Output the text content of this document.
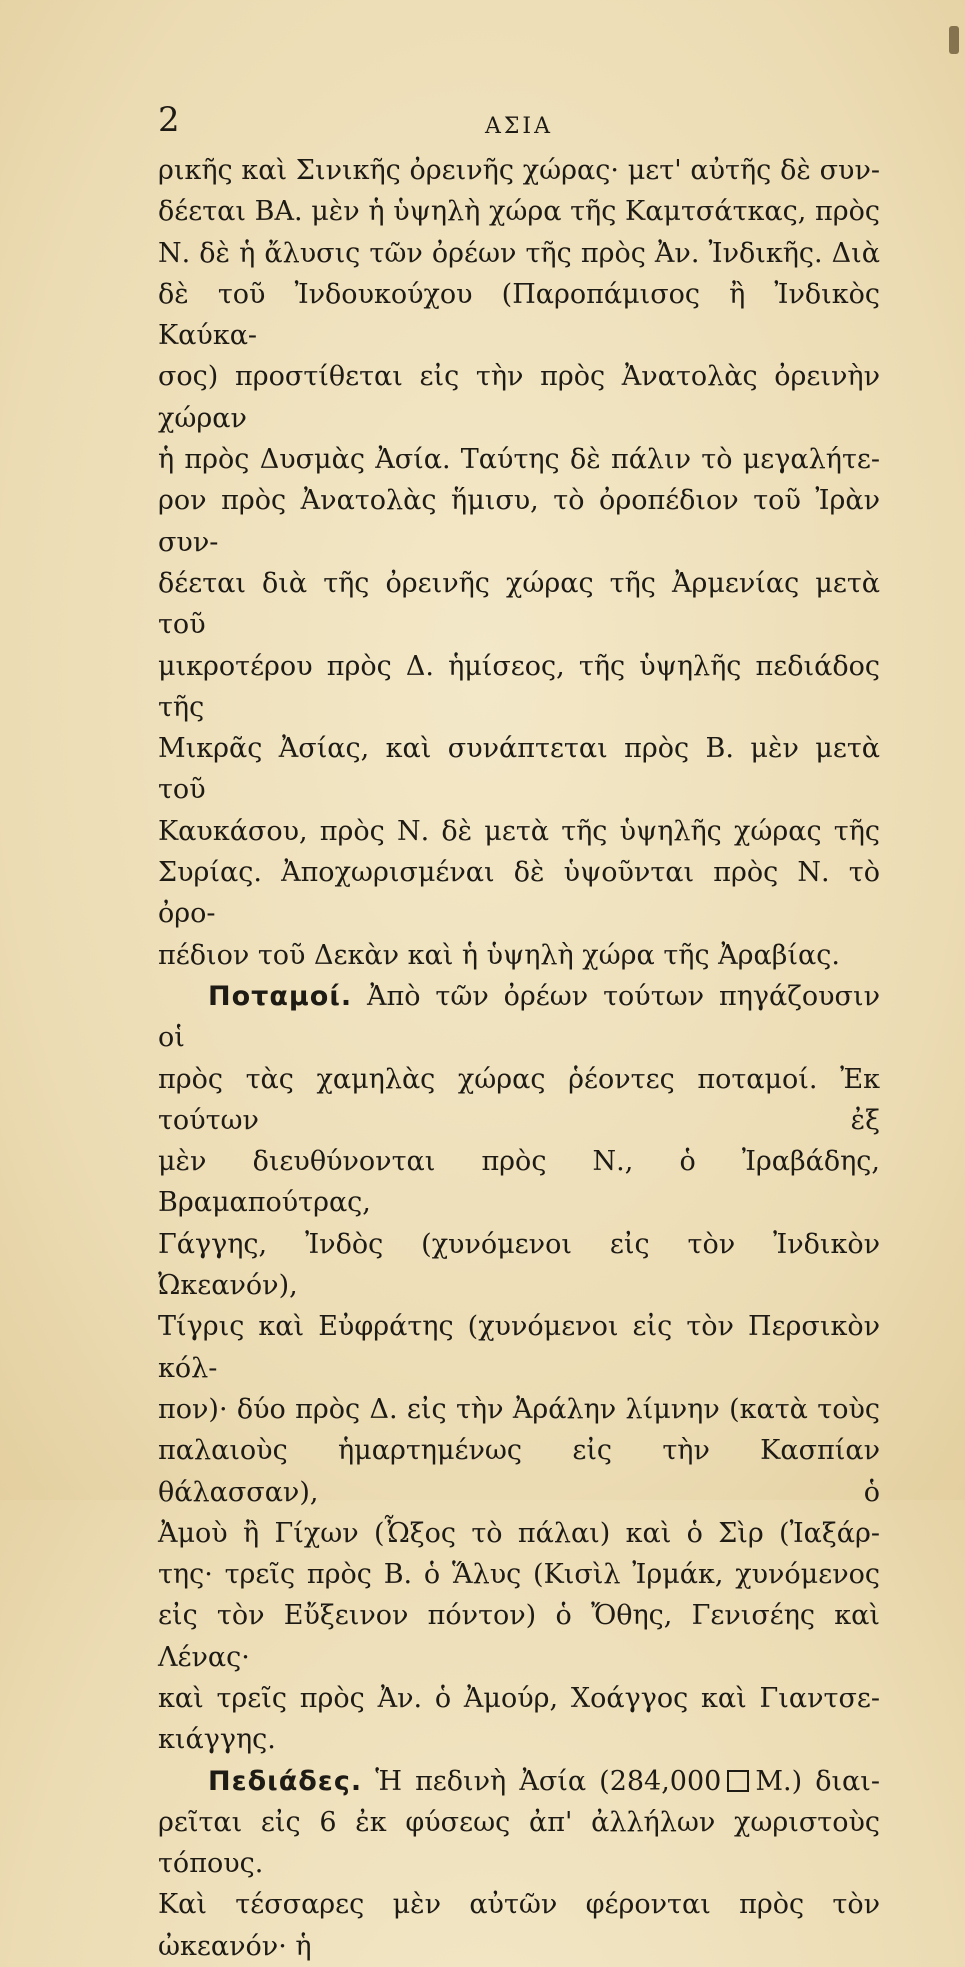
2	ΑΣΙΑ

ρικῆς καὶ Σινικῆς ὀρεινῆς χώρας· μετ' αὐτῆς δὲ συν-

δέεται ΒΑ. μὲν ἡ ὑψηλὴ χώρα τῆς Καμτσάτκας, πρὸς

Ν. δὲ ἡ ἄλυσις τῶν ὀρέων τῆς πρὸς Ἀν. Ἰνδικῆς. Διὰ

δὲ τοῦ Ἰνδουκούχου (Παροπάμισος ἢ Ἰνδικὸς Καύκα-

σος) προστίθεται εἰς τὴν πρὸς Ἀνατολὰς ὀρεινὴν χώραν

ἡ πρὸς Δυσμὰς Ἀσία. Ταύτης δὲ πάλιν τὸ μεγαλήτε-

ρον πρὸς Ἀνατολὰς ἥμισυ, τὸ ὀροπέδιον τοῦ Ἰρὰν συν-

δέεται διὰ τῆς ὀρεινῆς χώρας τῆς Ἀρμενίας μετὰ τοῦ

μικροτέρου πρὸς Δ. ἡμίσεος, τῆς ὑψηλῆς πεδιάδος τῆς

Μικρᾶς Ἀσίας, καὶ συνάπτεται πρὸς Β. μὲν μετὰ τοῦ

Καυκάσου, πρὸς Ν. δὲ μετὰ τῆς ὑψηλῆς χώρας τῆς

Συρίας. Ἀποχωρισμέναι δὲ ὑψοῦνται πρὸς Ν. τὸ ὀρο-

πέδιον τοῦ Δεκὰν καὶ ἡ ὑψηλὴ χώρα τῆς Ἀραβίας.

Ποταμοί. Ἀπὸ τῶν ὀρέων τούτων πηγάζουσιν οἱ

πρὸς τὰς χαμηλὰς χώρας ῥέοντες ποταμοί. Ἐκ τούτων ἐξ

μὲν διευθύνονται πρὸς Ν., ὁ Ἰραβάδης, Βραμαπούτρας,

Γάγγης, Ἰνδὸς (χυνόμενοι εἰς τὸν Ἰνδικὸν Ὠκεανόν),

Τίγρις καὶ Εὐφράτης (χυνόμενοι εἰς τὸν Περσικὸν κόλ-

πον)· δύο πρὸς Δ. εἰς τὴν Ἀράλην λίμνην (κατὰ τοὺς

παλαιοὺς ἡμαρτημένως εἰς τὴν Κασπίαν θάλασσαν), ὁ

Ἀμοὺ ἢ Γίχων (Ὦξος τὸ πάλαι) καὶ ὁ Σὶρ (Ἰαξάρ-

της· τρεῖς πρὸς Β. ὁ Ἅλυς (Κισὶλ Ἰρμάκ, χυνόμενος

εἰς τὸν Εὔξεινον πόντον) ὁ Ὄθης, Γενισέης καὶ Λένας·

καὶ τρεῖς πρὸς Ἀν. ὁ Ἀμούρ, Χοάγγος καὶ Γιαντσε-

κιάγγης.

Πεδιάδες. Ἡ πεδινὴ Ἀσία (284,000 Μ.) διαι-

ρεῖται εἰς 6 ἐκ φύσεως ἀπ' ἀλλήλων χωριστοὺς τόπους.

Καὶ τέσσαρες μὲν αὐτῶν φέρονται πρὸς τὸν ὠκεανόν· ἡ
